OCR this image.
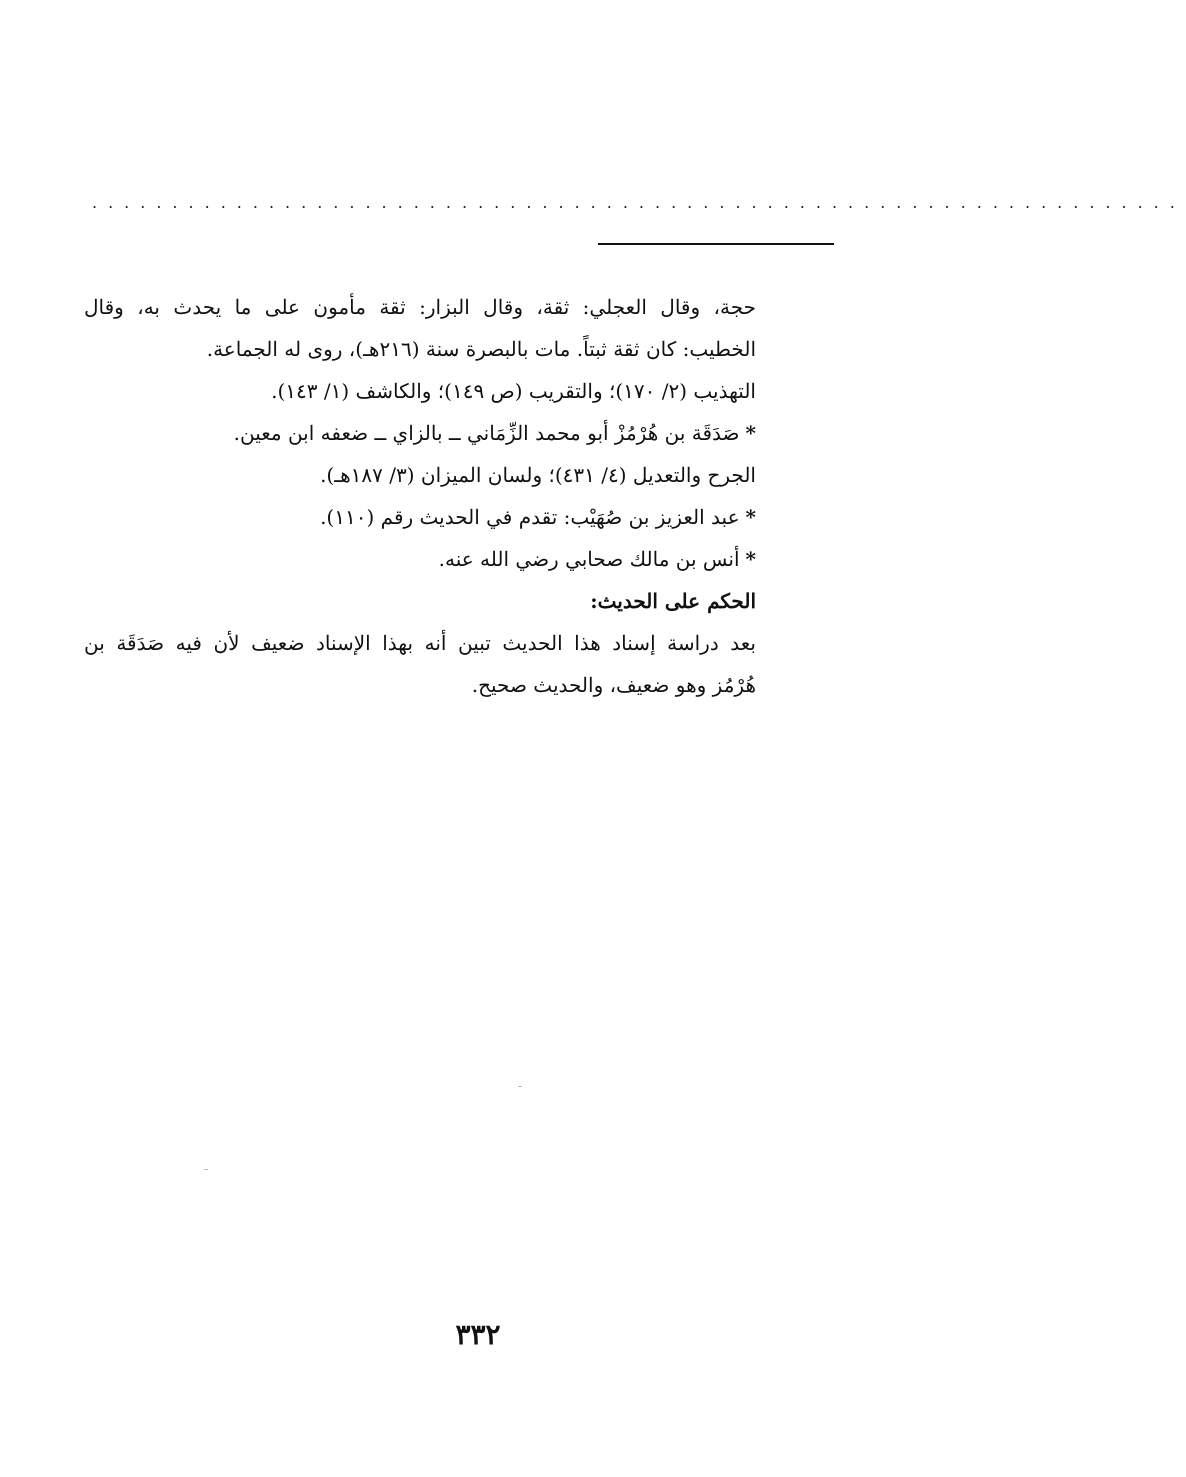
....................................................................
حجة، وقال العجلي: ثقة، وقال البزار: ثقة مأمون على ما يحدث به، وقال
الخطيب: كان ثقة ثبتاً. مات بالبصرة سنة (٢١٦هـ)، روى له الجماعة.
التهذيب (٢/ ١٧٠)؛ والتقريب (ص ١٤٩)؛ والكاشف (١/ ١٤٣).
*صَدَقَة بن هُرْمُزْ أبو محمد الزِّمَاني ــ بالزاي ــ ضعفه ابن معين.
الجرح والتعديل (٤/ ٤٣١)؛ ولسان الميزان (٣/ ١٨٧هـ).
*عبد العزيز بن صُهَيْب: تقدم في الحديث رقم (١١٠).
*أنس بن مالك صحابي رضي الله عنه.
الحكم على الحديث:
بعد دراسة إسناد هذا الحديث تبين أنه بهذا الإسناد ضعيف لأن فيه صَدَقَة بن
هُرْمُز وهو ضعيف، والحديث صحيح.
٣٣٢
